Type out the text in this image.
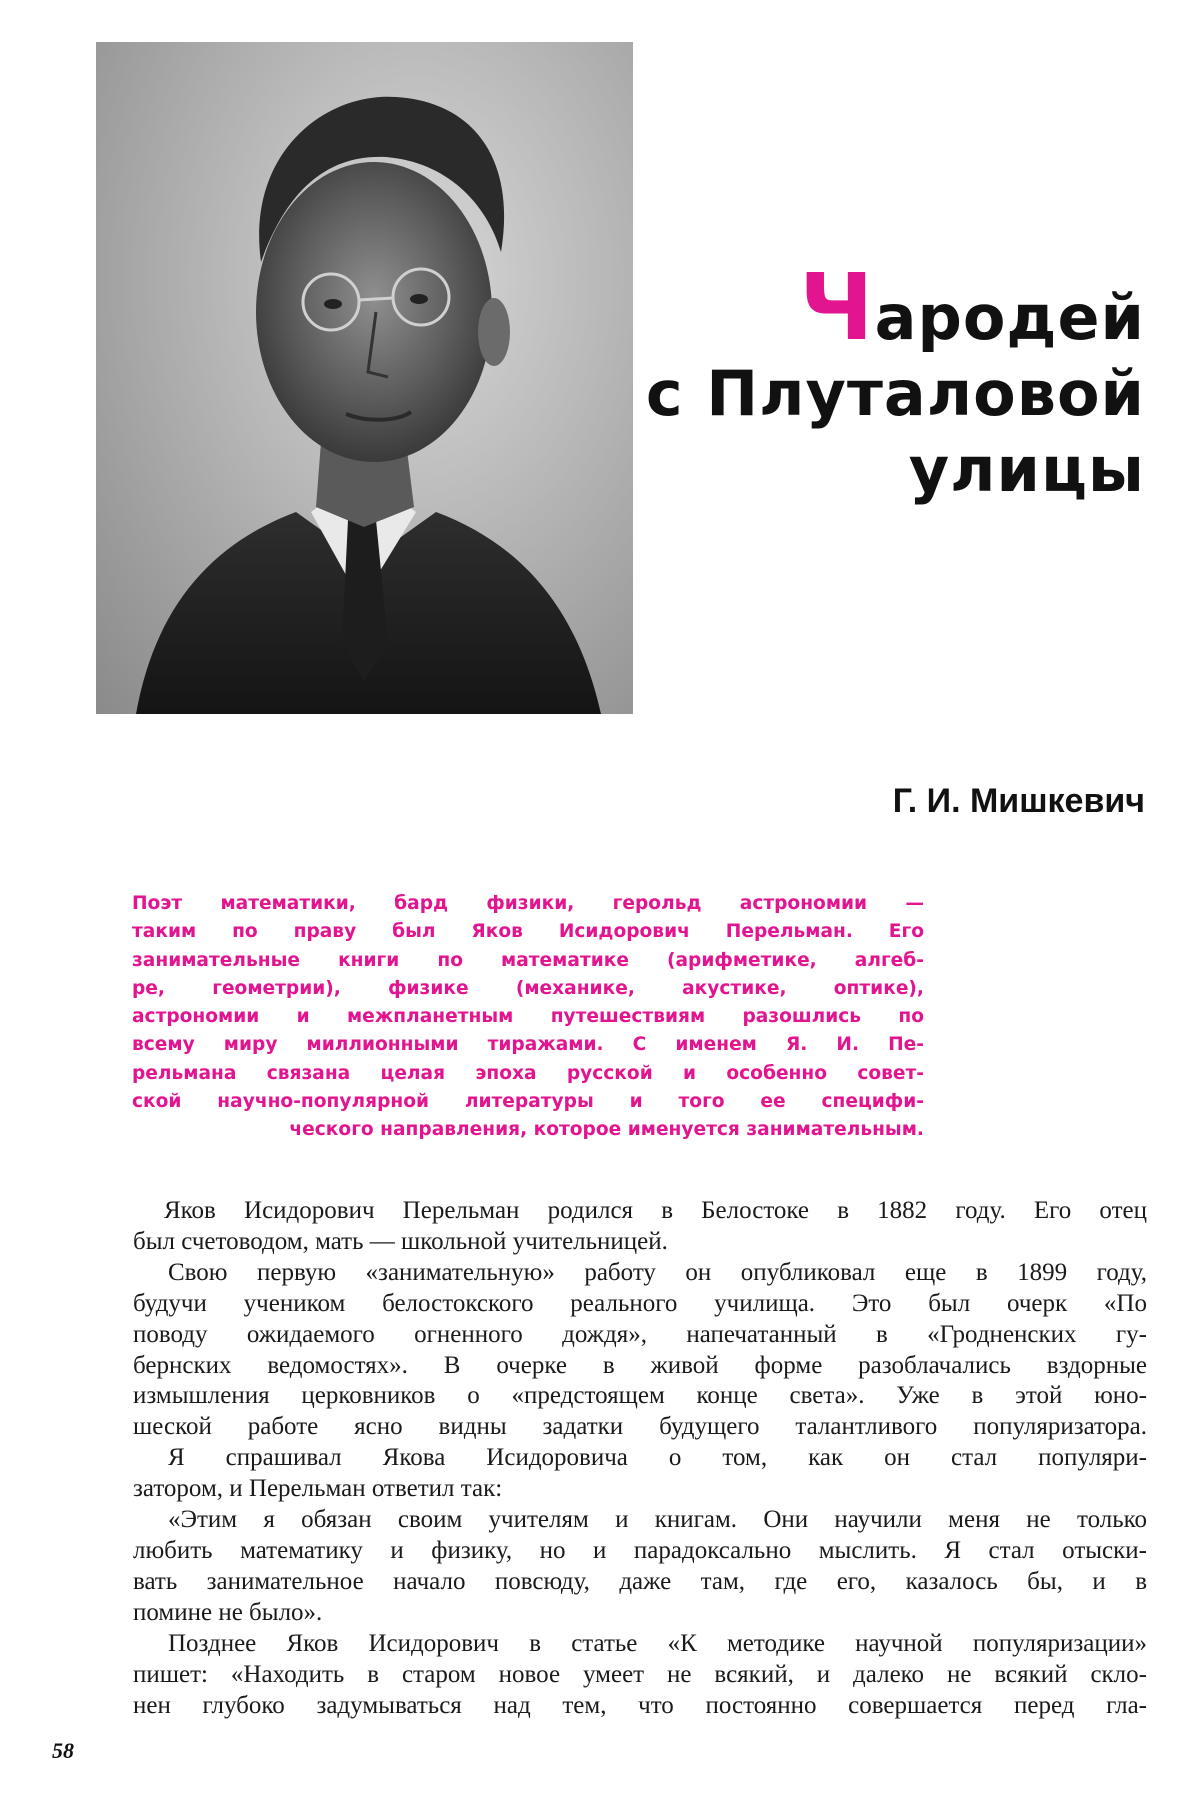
Чародей
с Плуталовой
улицы
Г. И. Мишкевич
Поэт математики, бард физики, герольд астрономии —
таким по праву был Яков Исидорович Перельман. Его
занимательные книги по математике (арифметике, алгеб-
ре, геометрии), физике (механике, акустике, оптике),
астрономии и межпланетным путешествиям разошлись по
всему миру миллионными тиражами. С именем Я. И. Пе-
рельмана связана целая эпоха русской и особенно совет-
ской научно-популярной литературы и того ее специфи-
ческого направления, которое именуется занимательным.
Яков Исидорович Перельман родился в Белостоке в 1882 году. Его отец
был счетоводом, мать — школьной учительницей.
Свою первую «занимательную» работу он опубликовал еще в 1899 году,
будучи учеником белостокского реального училища. Это был очерк «По
поводу ожидаемого огненного дождя», напечатанный в «Гродненских гу-
бернских ведомостях». В очерке в живой форме разоблачались вздорные
измышления церковников о «предстоящем конце света». Уже в этой юно-
шеской работе ясно видны задатки будущего талантливого популяризатора.
Я спрашивал Якова Исидоровича о том, как он стал популяри-
затором, и Перельман ответил так:
«Этим я обязан своим учителям и книгам. Они научили меня не только
любить математику и физику, но и парадоксально мыслить. Я стал отыски-
вать занимательное начало повсюду, даже там, где его, казалось бы, и в
помине не было».
Позднее Яков Исидорович в статье «К методике научной популяризации»
пишет: «Находить в старом новое умеет не всякий, и далеко не всякий скло-
нен глубоко задумываться над тем, что постоянно совершается перед гла-
58
